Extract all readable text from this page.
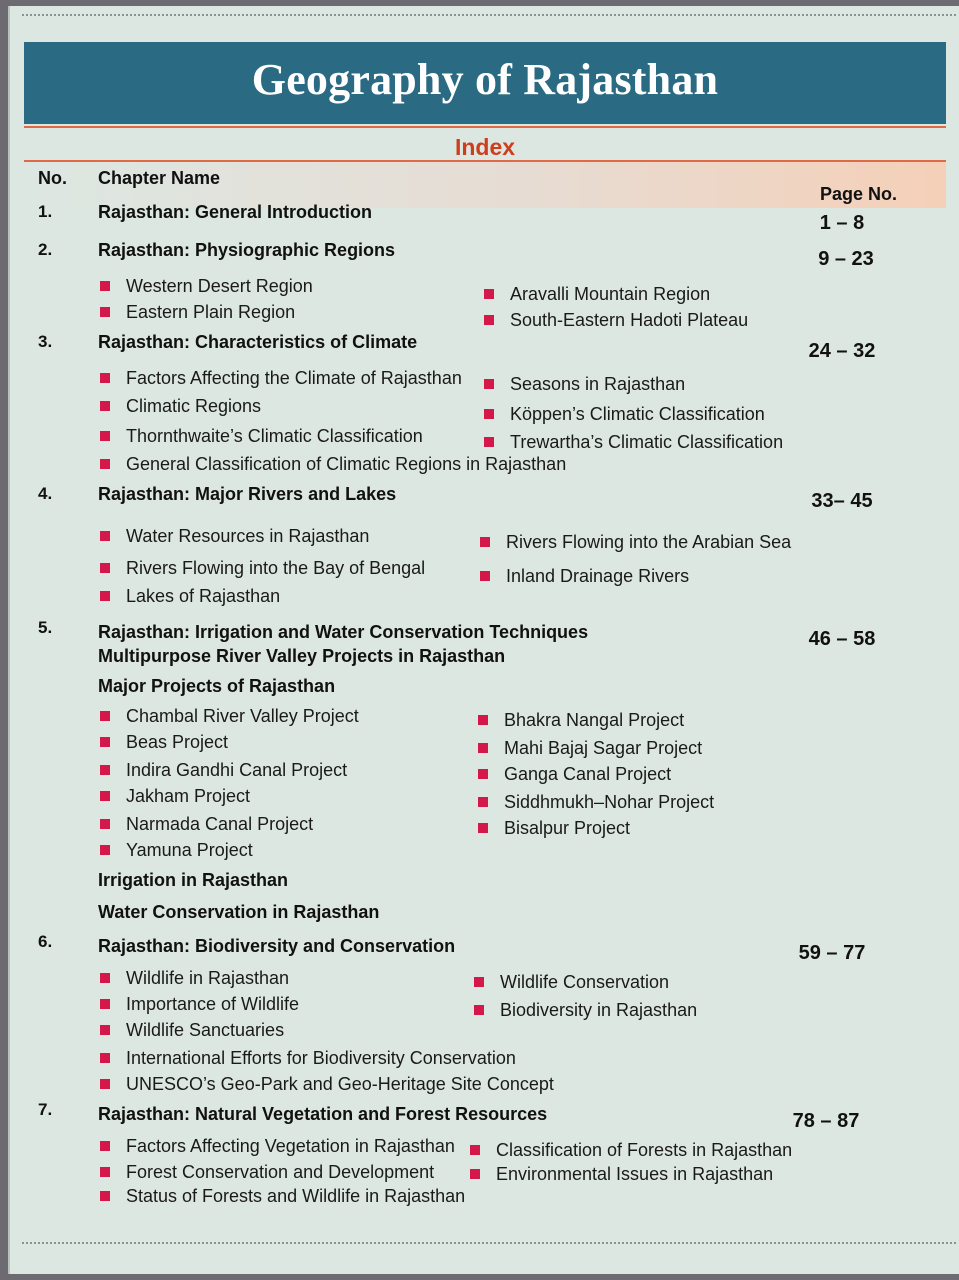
Geography of Rajasthan
Index
No. Chapter Name
Page No.
1.	Rajasthan: General Introduction	1 – 8
2.	Rajasthan: Physiographic Regions	9 – 23
Western Desert Region	Aravalli Mountain Region
Eastern Plain Region	South-Eastern Hadoti Plateau
3.	Rajasthan: Characteristics of Climate	24 – 32
Factors Affecting the Climate of Rajasthan	Seasons in Rajasthan
Climatic Regions	Köppen’s Climatic Classification
Thornthwaite’s Climatic Classification	Trewartha’s Climatic Classification
General Classification of Climatic Regions in Rajasthan
4.	Rajasthan: Major Rivers and Lakes	33– 45
Water Resources in Rajasthan	Rivers Flowing into the Arabian Sea
Rivers Flowing into the Bay of Bengal	Inland Drainage Rivers
Lakes of Rajasthan
5.	Rajasthan: Irrigation and Water Conservation Techniques	46 – 58
Multipurpose River Valley Projects in Rajasthan
Major Projects of Rajasthan
Chambal River Valley Project	Bhakra Nangal Project
Beas Project	Mahi Bajaj Sagar Project
Indira Gandhi Canal Project	Ganga Canal Project
Jakham Project	Siddhmukh–Nohar Project
Narmada Canal Project	Bisalpur Project
Yamuna Project
Irrigation in Rajasthan
Water Conservation in Rajasthan
6.	Rajasthan: Biodiversity and Conservation	59 – 77
Wildlife in Rajasthan	Wildlife Conservation
Importance of Wildlife	Biodiversity in Rajasthan
Wildlife Sanctuaries
International Efforts for Biodiversity Conservation
UNESCO’s Geo-Park and Geo-Heritage Site Concept
7.	Rajasthan: Natural Vegetation and Forest Resources	78 – 87
Factors Affecting Vegetation in Rajasthan	Classification of Forests in Rajasthan
Forest Conservation and Development	Environmental Issues in Rajasthan
Status of Forests and Wildlife in Rajasthan
